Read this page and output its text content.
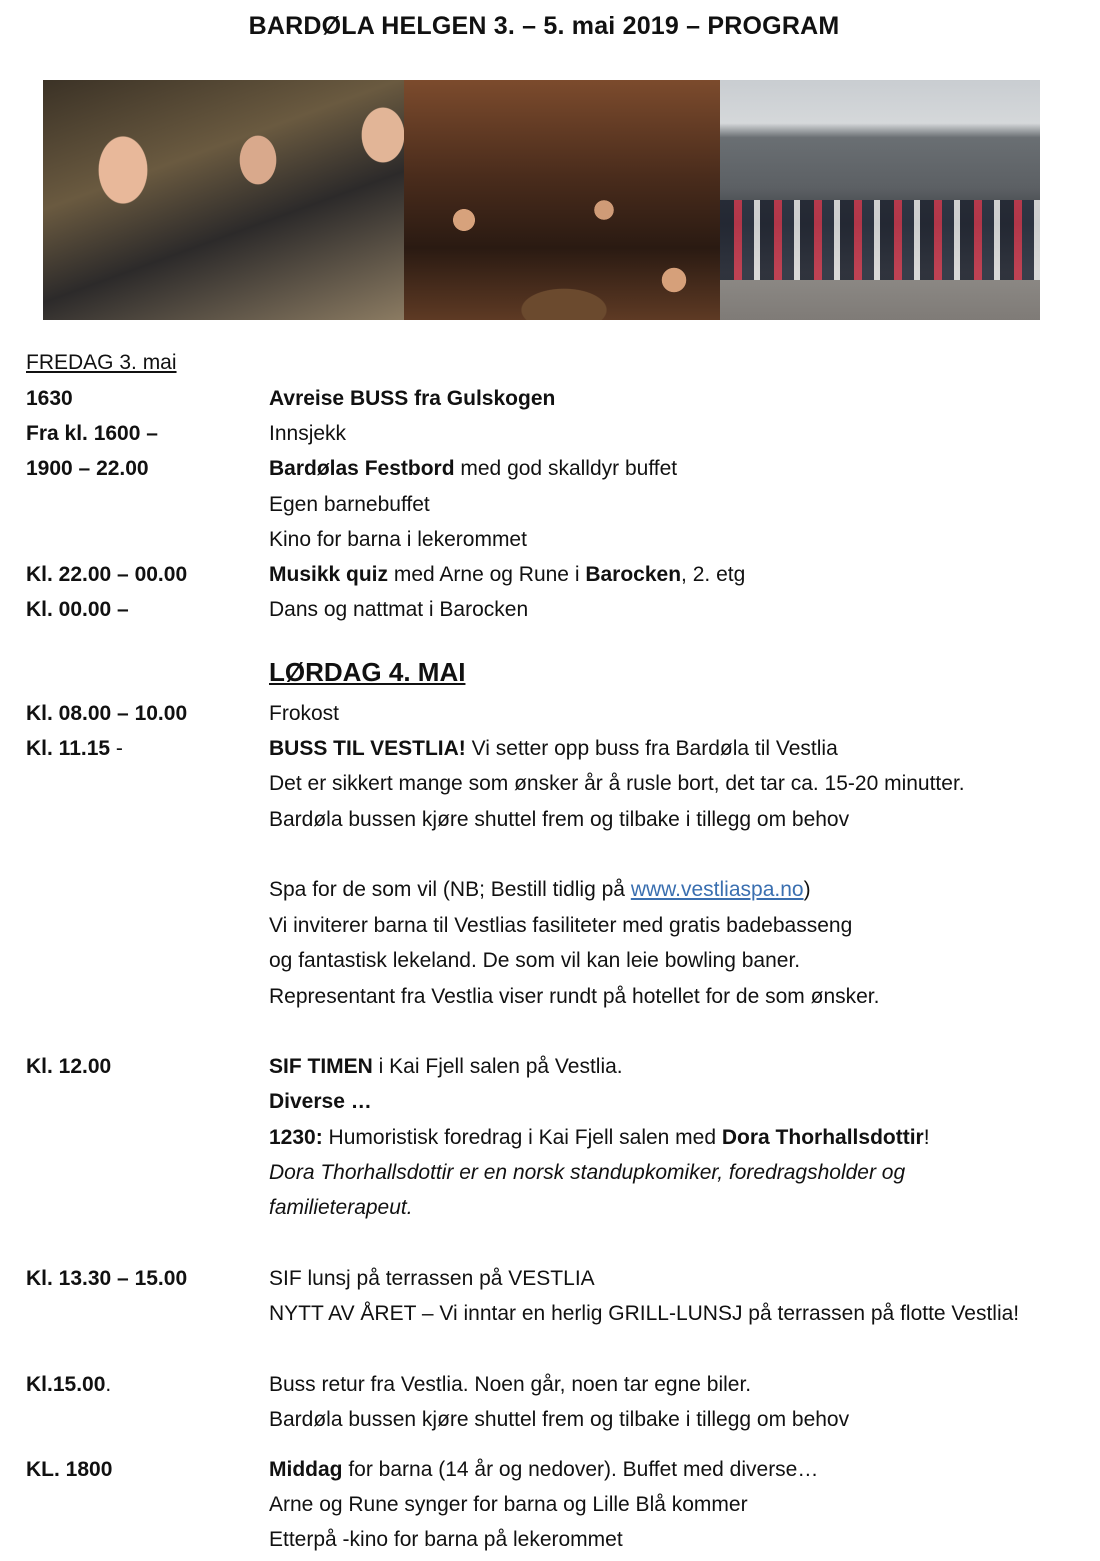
BARDØLA HELGEN 3. – 5. mai 2019 – PROGRAM
FREDAG 3. mai
1630	Avreise BUSS fra Gulskogen
Fra kl. 1600 –	Innsjekk
1900 – 22.00	Bardølas Festbord med god skalldyr buffet
Egen barnebuffet
Kino for barna i lekerommet
Kl. 22.00 – 00.00	Musikk quiz med Arne og Rune i Barocken, 2. etg
Kl. 00.00 –	Dans og nattmat i Barocken
LØRDAG 4. MAI
Kl. 08.00 – 10.00	Frokost
Kl. 11.15 -	BUSS TIL VESTLIA! Vi setter opp buss fra Bardøla til Vestlia
Det er sikkert mange som ønsker år å rusle bort, det tar ca. 15-20 minutter.
Bardøla bussen kjøre shuttel frem og tilbake i tillegg om behov
Spa for de som vil (NB; Bestill tidlig på www.vestliaspa.no)
Vi inviterer barna til Vestlias fasiliteter med gratis badebasseng
og fantastisk lekeland. De som vil kan leie bowling baner.
Representant fra Vestlia viser rundt på hotellet for de som ønsker.
Kl. 12.00	SIF TIMEN i Kai Fjell salen på Vestlia.
Diverse …
1230: Humoristisk foredrag i Kai Fjell salen med Dora Thorhallsdottir!
Dora Thorhallsdottir er en norsk standupkomiker, foredragsholder og
familieterapeut.
Kl. 13.30 – 15.00	SIF lunsj på terrassen på VESTLIA
NYTT AV ÅRET – Vi inntar en herlig GRILL-LUNSJ på terrassen på flotte Vestlia!
Kl.15.00.	Buss retur fra Vestlia. Noen går, noen tar egne biler.
Bardøla bussen kjøre shuttel frem og tilbake i tillegg om behov
KL. 1800	Middag for barna (14 år og nedover). Buffet med diverse…
Arne og Rune synger for barna og Lille Blå kommer
Etterpå -kino for barna på lekerommet
